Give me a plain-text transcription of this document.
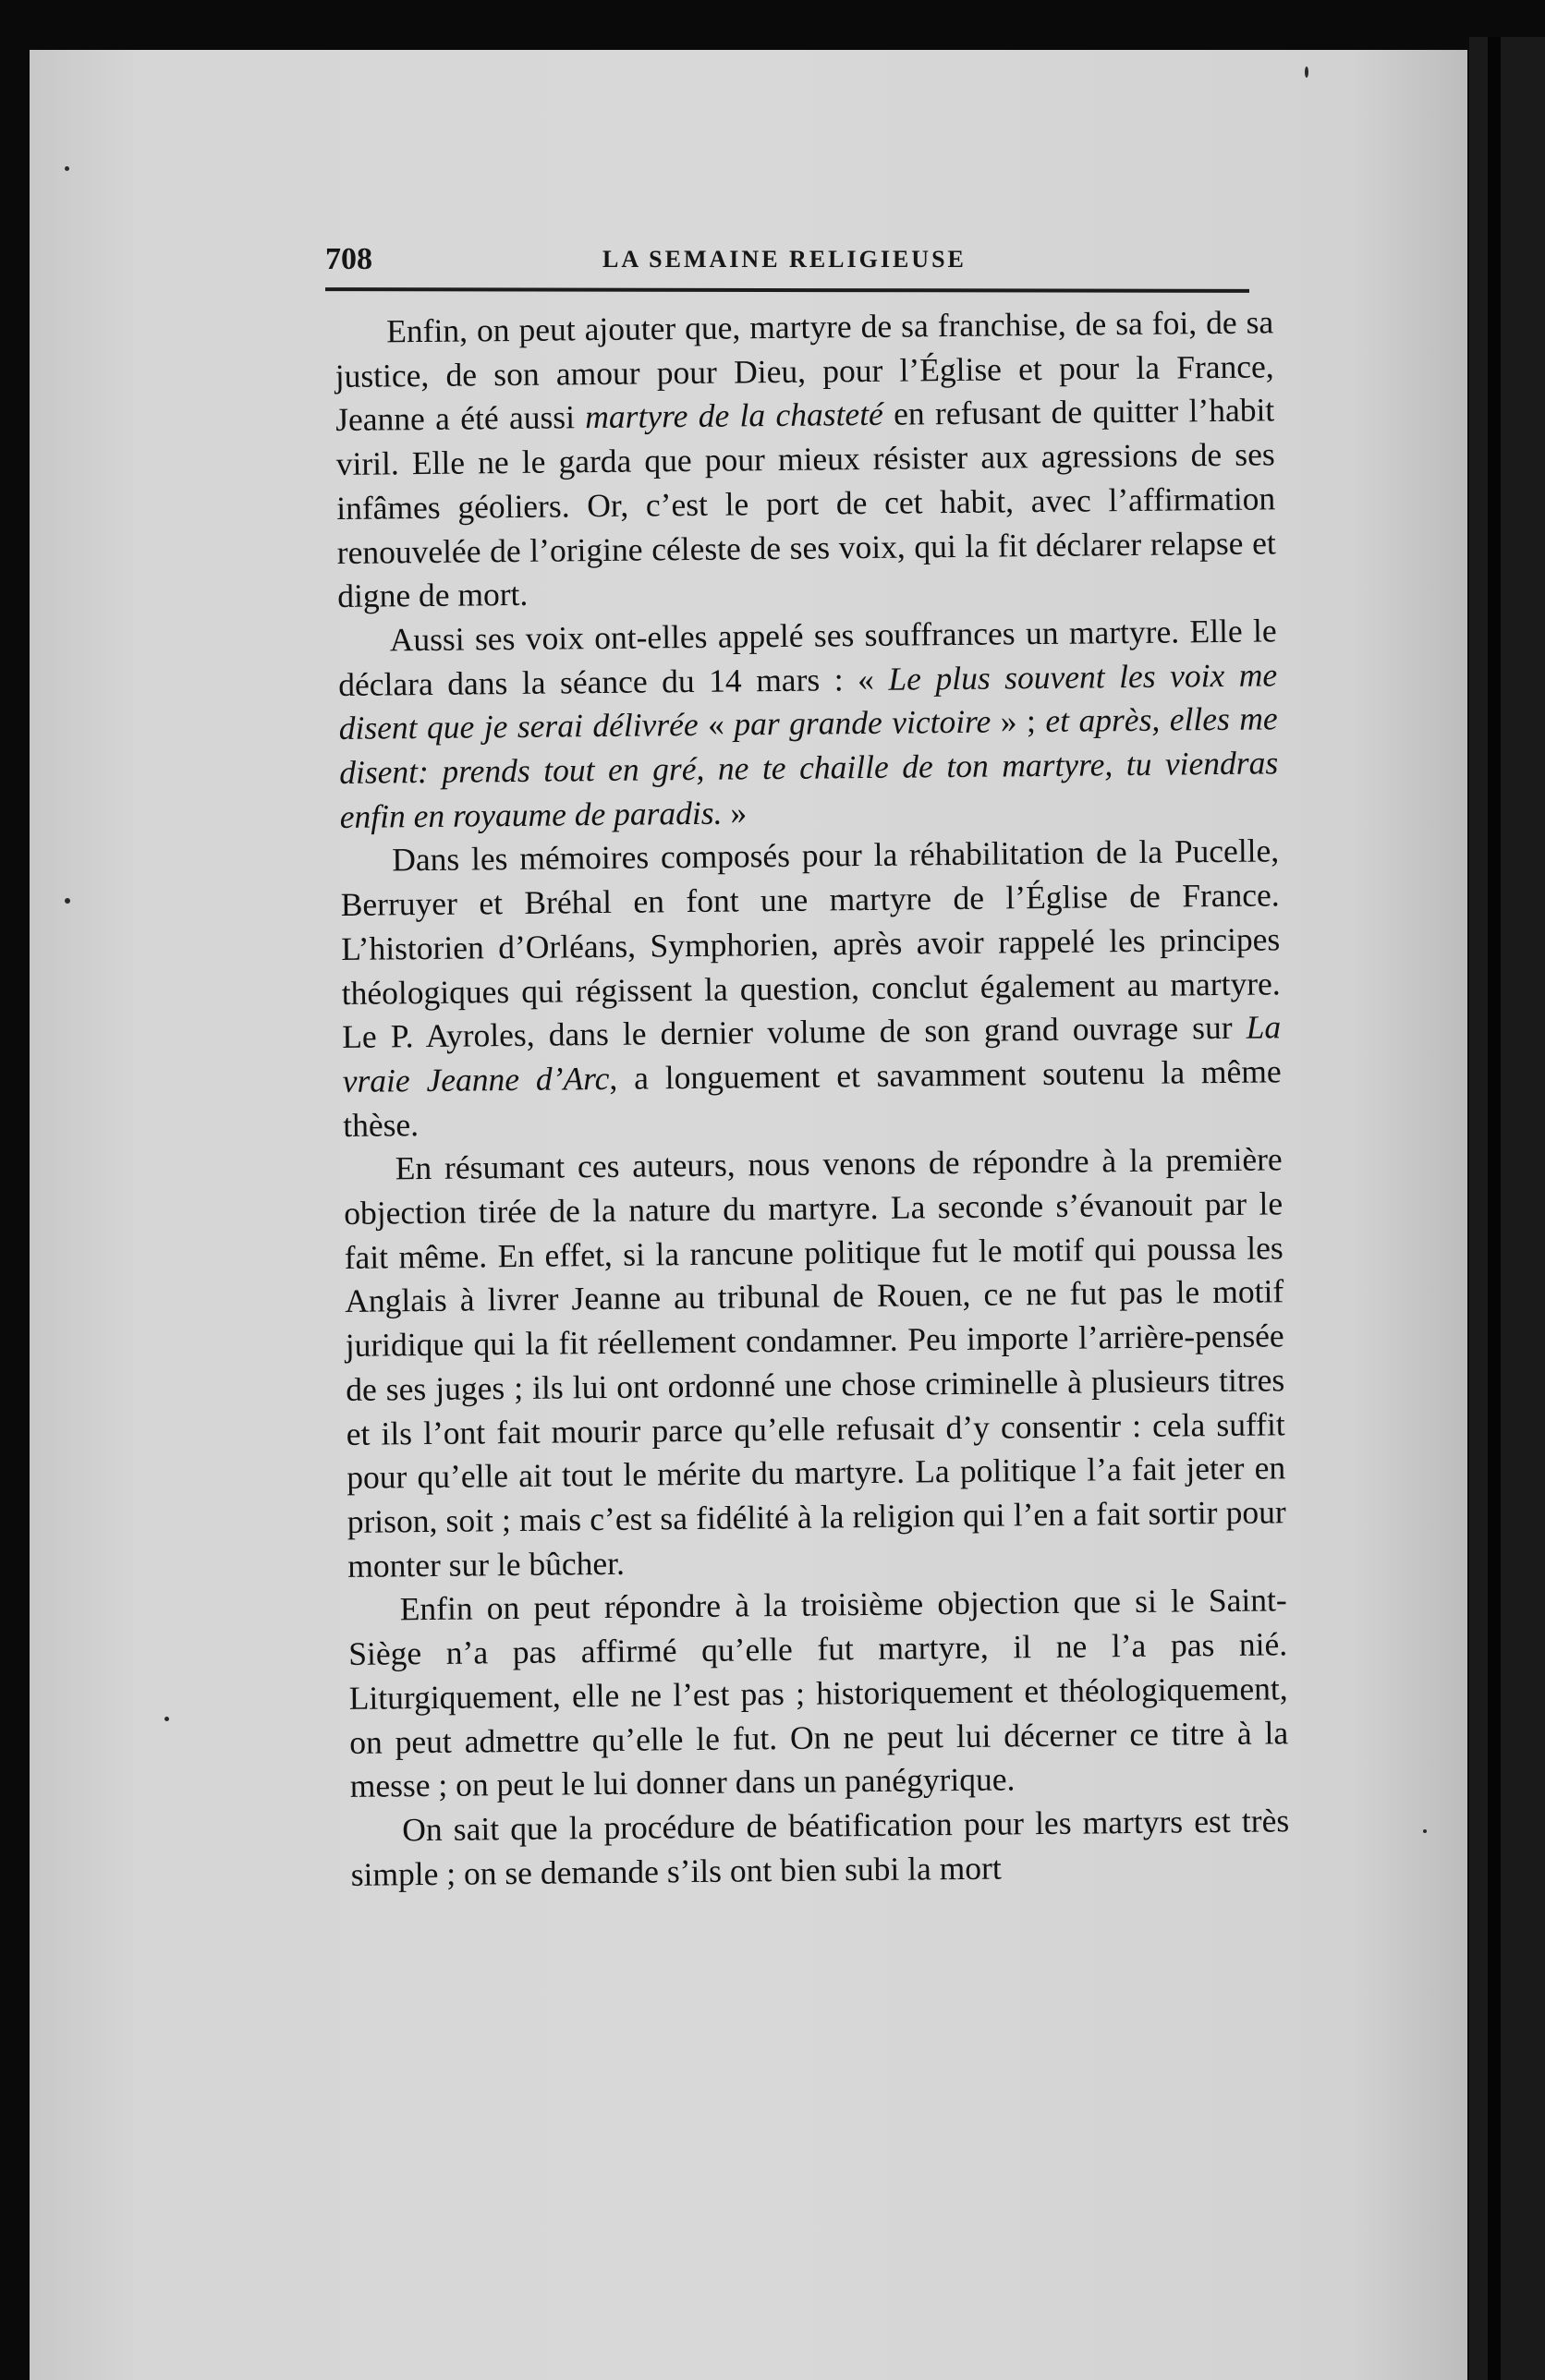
708	LA SEMAINE RELIGIEUSE

Enfin, on peut ajouter que, martyre de sa franchise, de sa foi, de sa justice, de son amour pour Dieu, pour l’Église et pour la France, Jeanne a été aussi martyre de la chasteté en refusant de quitter l’habit viril. Elle ne le garda que pour mieux résister aux agressions de ses infâmes géoliers. Or, c’est le port de cet habit, avec l’affirmation renouvelée de l’origine céleste de ses voix, qui la fit déclarer relapse et digne de mort.

Aussi ses voix ont-elles appelé ses souffrances un martyre. Elle le déclara dans la séance du 14 mars : « Le plus souvent les voix me disent que je serai délivrée « par grande victoire » ; et après, elles me disent: prends tout en gré, ne te chaille de ton martyre, tu viendras enfin en royaume de paradis. »

Dans les mémoires composés pour la réhabilitation de la Pucelle, Berruyer et Bréhal en font une martyre de l’Église de France. L’historien d’Orléans, Symphorien, après avoir rappelé les principes théologiques qui régissent la question, conclut également au martyre. Le P. Ayroles, dans le dernier volume de son grand ouvrage sur La vraie Jeanne d’Arc, a longuement et savamment soutenu la même thèse.

En résumant ces auteurs, nous venons de répondre à la première objection tirée de la nature du martyre. La seconde s’évanouit par le fait même. En effet, si la rancune politique fut le motif qui poussa les Anglais à livrer Jeanne au tribunal de Rouen, ce ne fut pas le motif juridique qui la fit réellement condamner. Peu importe l’arrière-pensée de ses juges ; ils lui ont ordonné une chose criminelle à plusieurs titres et ils l’ont fait mourir parce qu’elle refusait d’y consentir : cela suffit pour qu’elle ait tout le mérite du martyre. La politique l’a fait jeter en prison, soit ; mais c’est sa fidélité à la religion qui l’en a fait sortir pour monter sur le bûcher.

Enfin on peut répondre à la troisième objection que si le Saint-Siège n’a pas affirmé qu’elle fut martyre, il ne l’a pas nié. Liturgiquement, elle ne l’est pas ; historiquement et théologiquement, on peut admettre qu’elle le fut. On ne peut lui décerner ce titre à la messe ; on peut le lui donner dans un panégyrique.

On sait que la procédure de béatification pour les martyrs est très simple ; on se demande s’ils ont bien subi la mort
